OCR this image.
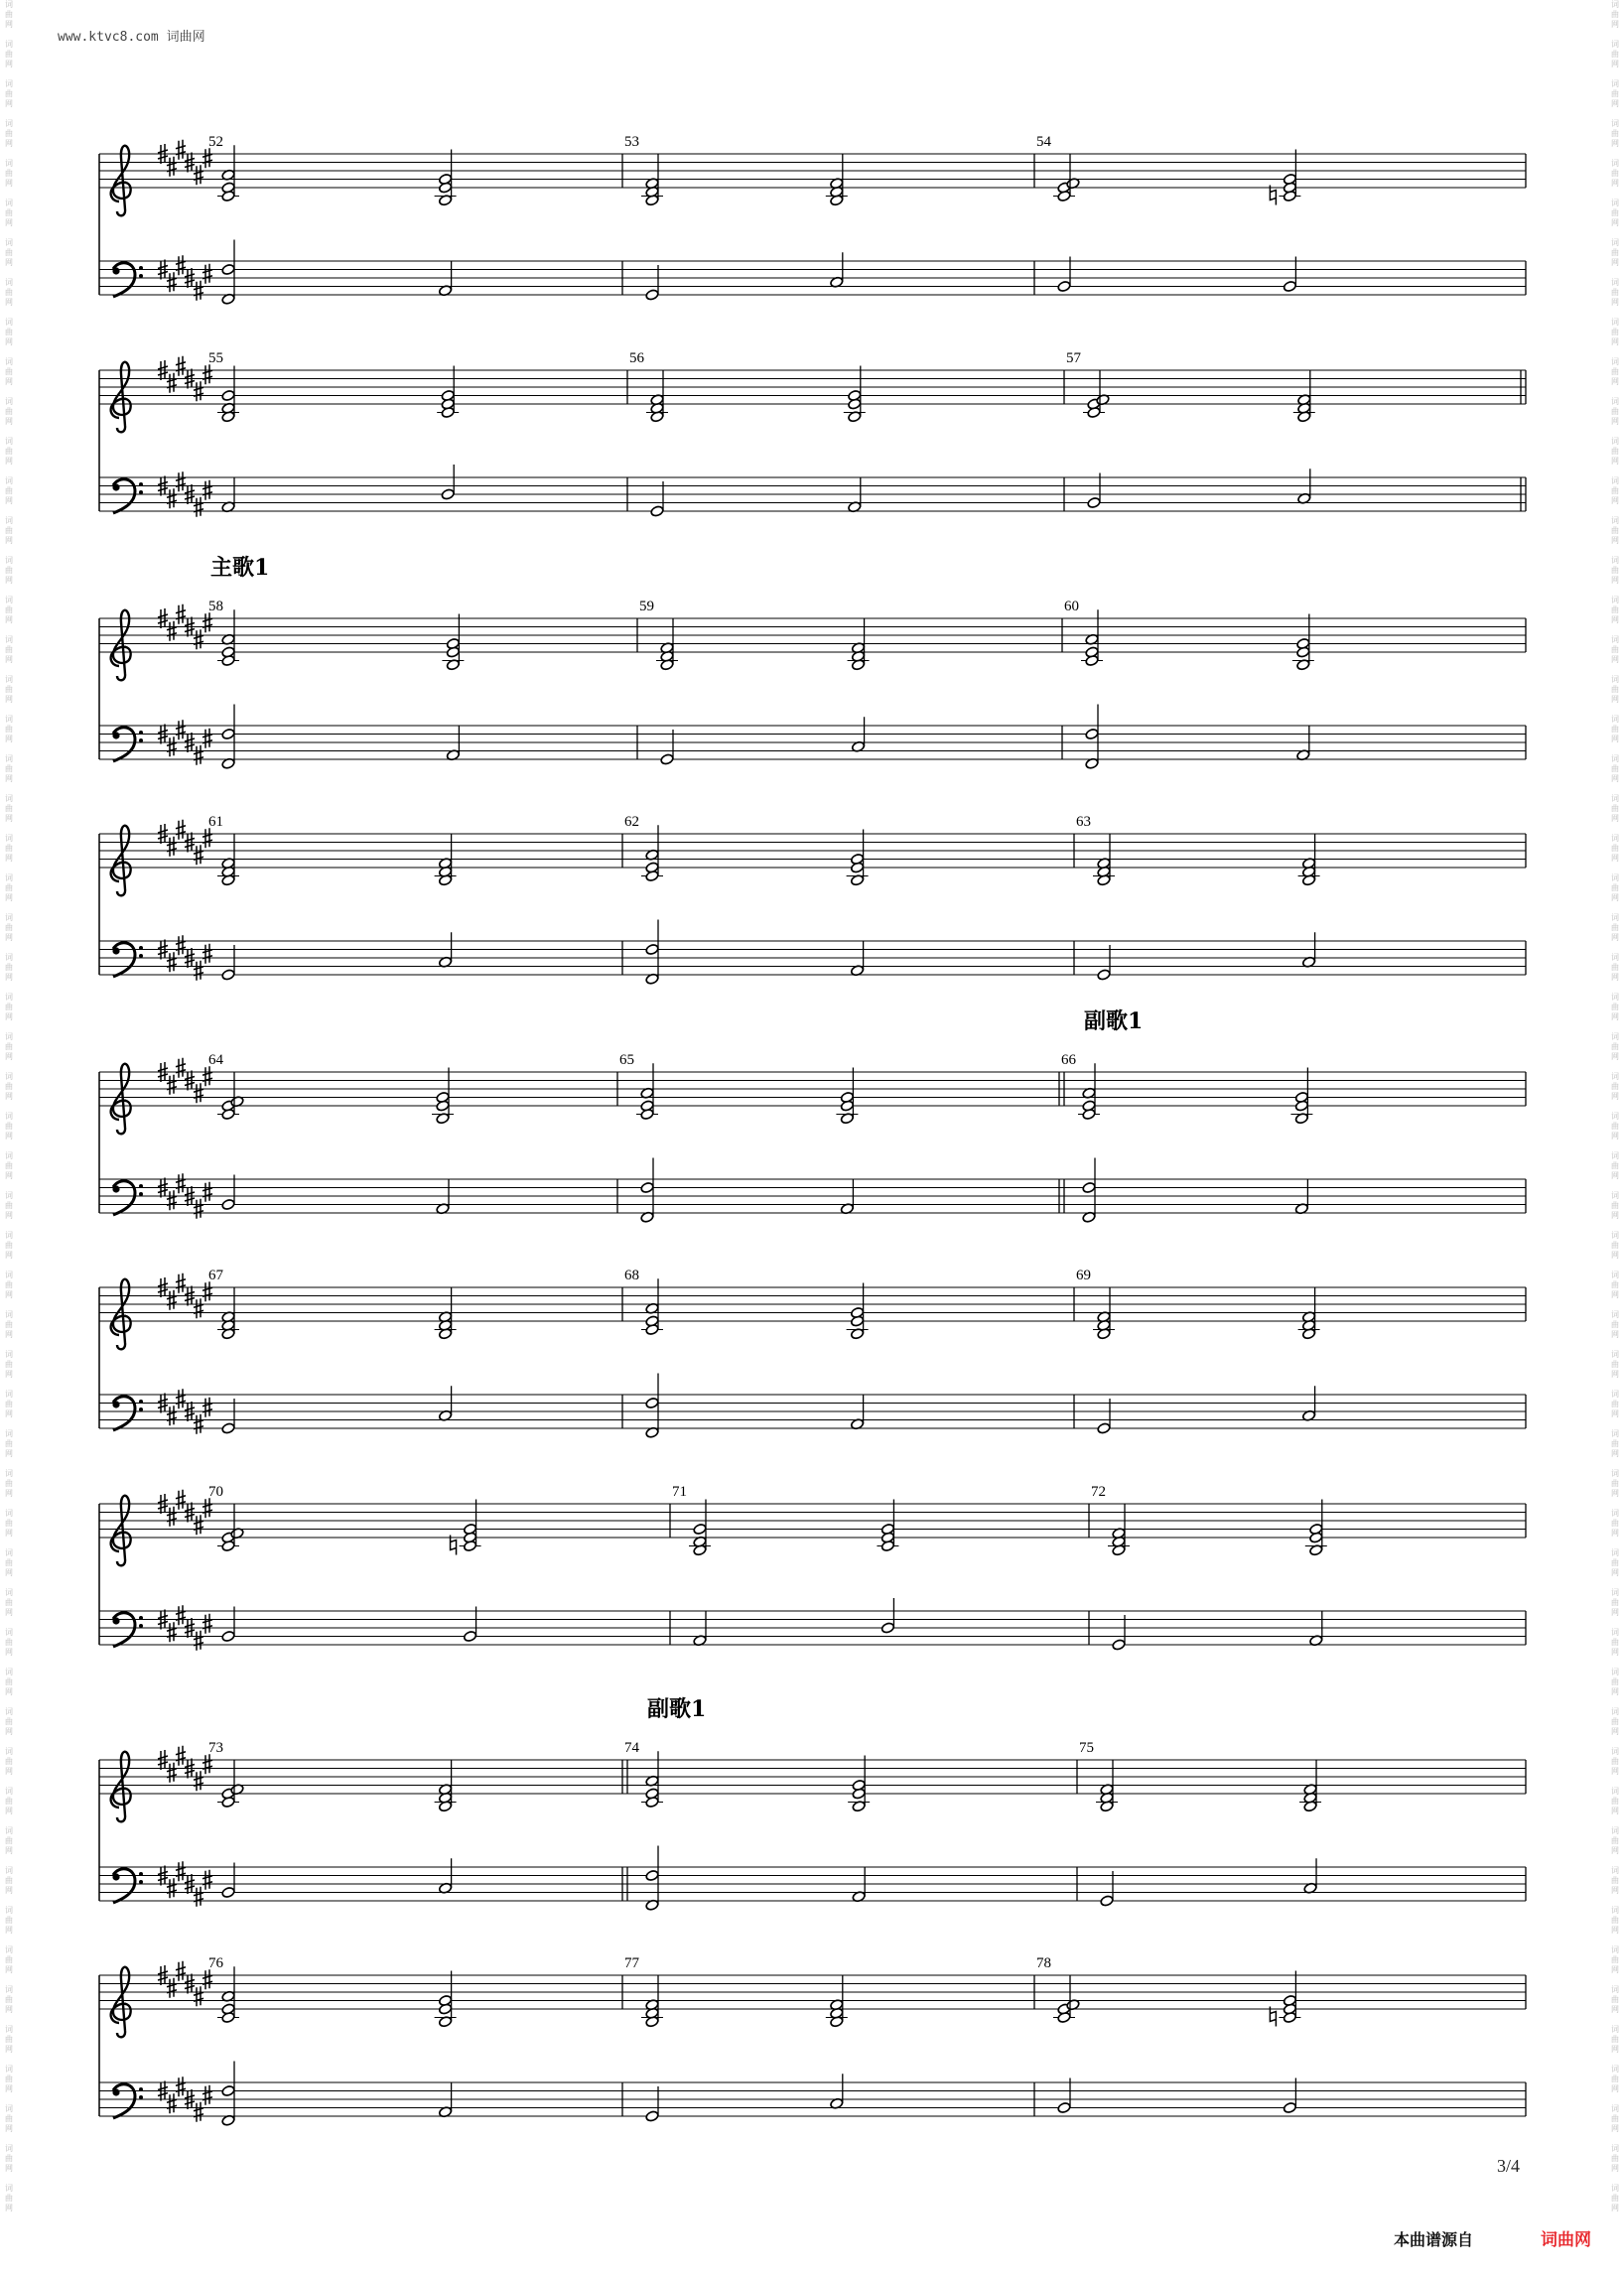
词
曲
网

词
曲
网

词
曲
网

词
曲
网

词
曲
网

词
曲
网

词
曲
网

词
曲
网

词
曲
网

词
曲
网

词
曲
网

词
曲
网

词
曲
网

词
曲
网

词
曲
网

词
曲
网

词
曲
网

词
曲
网

词
曲
网

词
曲
网

词
曲
网

词
曲
网

词
曲
网

词
曲
网

词
曲
网

词
曲
网

词
曲
网

词
曲
网

词
曲
网

词
曲
网

词
曲
网

词
曲
网

词
曲
网

词
曲
网

词
曲
网

词
曲
网

词
曲
网

词
曲
网

词
曲
网

词
曲
网

词
曲
网

词
曲
网

词
曲
网

词
曲
网

词
曲
网

词
曲
网

词
曲
网

词
曲
网

词
曲
网

词
曲
网

词
曲
网

词
曲
网

词
曲
网

词
曲
网

词
曲
网

词
曲
网

词
曲
网

词
曲
网

词
曲
网

词
曲
网

词
曲
网

词
曲
网

词
曲
网

词
曲
网

词
曲
网

词
曲
网

词
曲
网

词
曲
网

词
曲
网

词
曲
网

词
曲
网

词
曲
网

词
曲
网

词
曲
网

词
曲
网

词
曲
网

词
曲
网

词
曲
网

词
曲
网

词
曲
网

词
曲
网

词
曲
网

词
曲
网

词
曲
网

词
曲
网

词
曲
网

词
曲
网

词
曲
网

词
曲
网

词
曲
网

词
曲
网

词
曲
网

词
曲
网

词
曲
网

词
曲
网

词
曲
网

词
曲
网

词
曲
网

词
曲
网

词
曲
网

词
曲
网

词
曲
网

词
曲
网

词
曲
网

词
曲
网

词
曲
网

词
曲
网

词
曲
网

词
曲
网

词
曲
网

词
曲
网

词
曲
网

www.ktvc8.com 词曲网
52	53	54
55	56	57
58	59	60
主歌1
61	62	63
64	65	66
副歌1
67	68	69
70	71	72
73	74	75
副歌1
76	77	78
3/4
本曲谱源自	词曲网
